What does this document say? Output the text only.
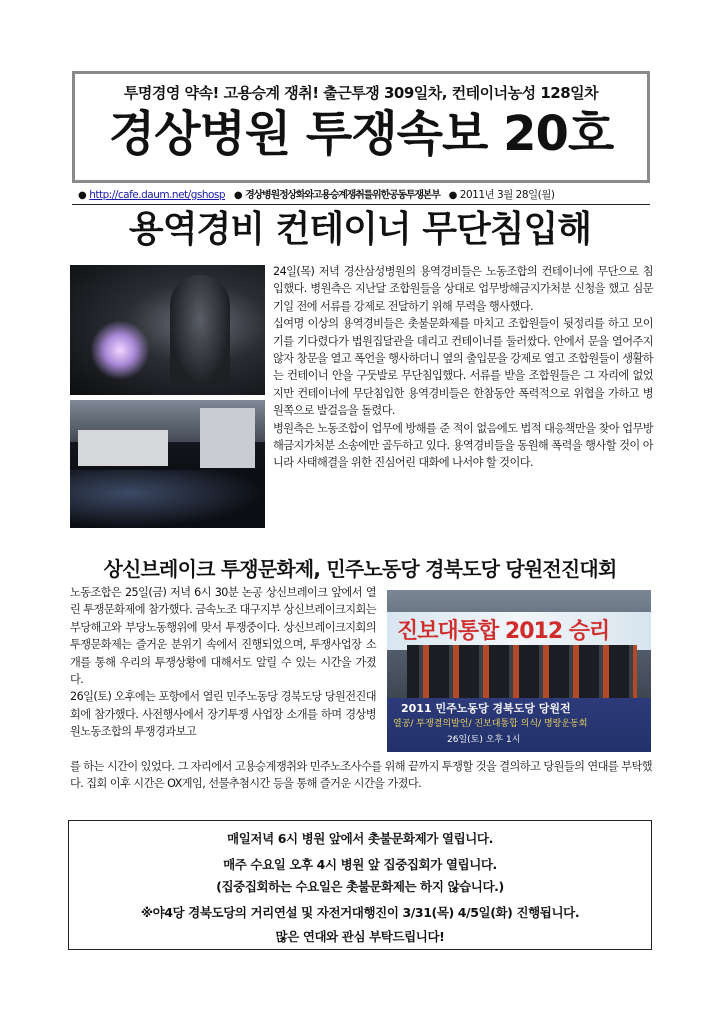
투명경영 약속! 고용승계 쟁취! 출근투쟁 309일차, 컨테이너농성 128일차
경상병원 투쟁속보 20호
● http://cafe.daum.net/gshosp ● 경상병원정상화와고용승계쟁취를위한공동투쟁본부 ● 2011년 3월 28일(월)
용역경비 컨테이너 무단침입해

24일(목) 저녁 경산삼성병원의 용역경비들은 노동조합의 컨테이너에 무단으로 침입했다. 병원측은 지난달 조합원들을 상대로 업무방해금지가처분 신청을 했고 심문기일 전에 서류를 강제로 전달하기 위해 무력을 행사했다.

십여명 이상의 용역경비들은 촛불문화제를 마치고 조합원들이 뒷정리를 하고 모이기를 기다렸다가 법원집달관을 데리고 컨테이너를 둘러쌌다. 안에서 문을 열어주지 않자 창문을 열고 폭언을 행사하더니 옆의 출입문을 강제로 열고 조합원들이 생활하는 컨테이너 안을 구둣발로 무단침입했다. 서류를 받을 조합원들은 그 자리에 없었지만 컨테이너에 무단침입한 용역경비들은 한참동안 폭력적으로 위협을 가하고 병원쪽으로 발걸음을 돌렸다.

병원측은 노동조합이 업무에 방해를 준 적이 없음에도 법적 대응책만을 찾아 업무방해금지가처분 소송에만 골두하고 있다. 용역경비들을 동원해 폭력을 행사할 것이 아니라 사태해결을 위한 진심어린 대화에 나서야 할 것이다.

상신브레이크 투쟁문화제, 민주노동당 경북도당 당원전진대회

노동조합은 25일(금) 저녁 6시 30분 논공 상신브레이크 앞에서 열린 투쟁문화제에 참가했다. 금속노조 대구지부 상신브레이크지회는 부당해고와 부당노동행위에 맞서 투쟁중이다. 상신브레이크지회의 투쟁문화제는 즐거운 분위기 속에서 진행되었으며, 투쟁사업장 소개를 통해 우리의 투쟁상황에 대해서도 알릴 수 있는 시간을 가졌다.

26일(토) 오후에는 포항에서 열린 민주노동당 경북도당 당원전진대회에 참가했다. 사전행사에서 장기투쟁 사업장 소개를 하며 경상병원노동조합의 투쟁경과보고

진보대통합 2012 승리
2011 민주노동당 경북도당 당원전
열공/ 투쟁결의발언/ 진보대통합 의식/ 명랑운동회
26일(토) 오후 1시

를 하는 시간이 있었다. 그 자리에서 고용승계쟁취와 민주노조사수를 위해 끝까지 투쟁할 것을 결의하고 당원들의 연대를 부탁했다. 집회 이후 시간은 OX게임, 선물추첨시간 등을 통해 즐거운 시간을 가졌다.

매일저녁 6시 병원 앞에서 촛불문화제가 열립니다.
매주 수요일 오후 4시 병원 앞 집중집회가 열립니다.
(집중집회하는 수요일은 촛불문화제는 하지 않습니다.)
※야4당 경북도당의 거리연설 및 자전거대행진이 3/31(목) 4/5일(화) 진행됩니다.
많은 연대와 관심 부탁드립니다!
